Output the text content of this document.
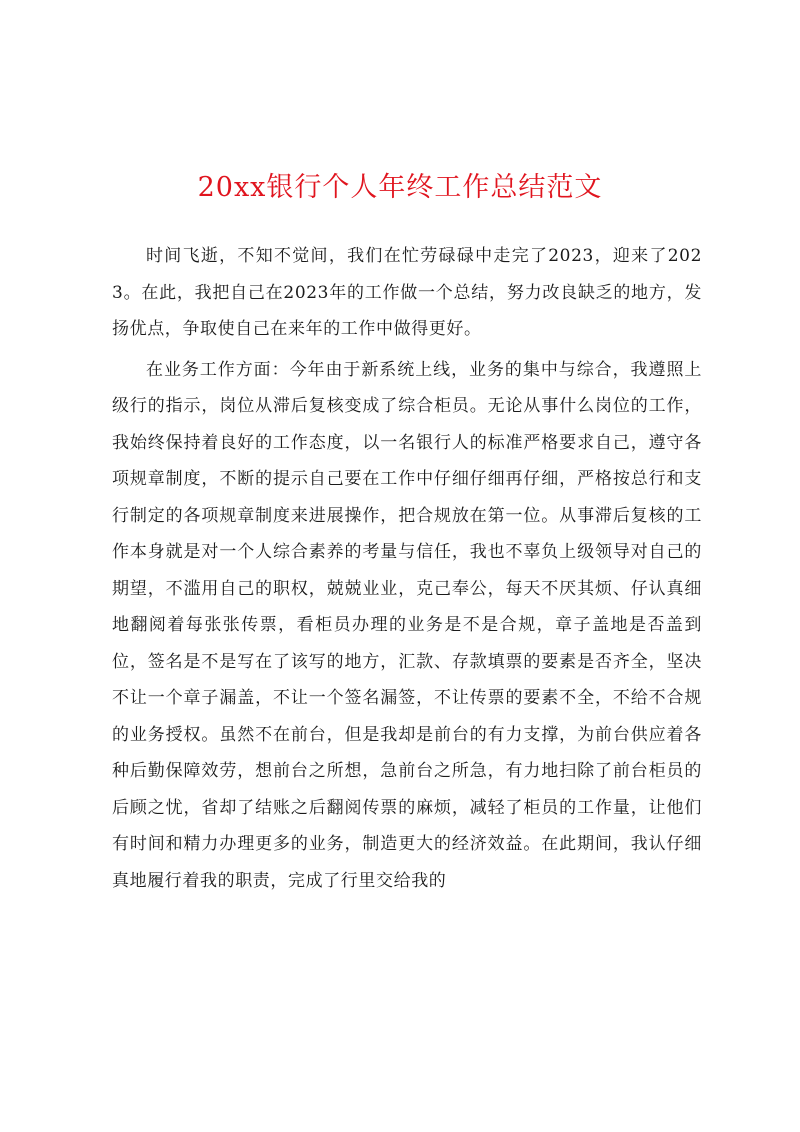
20xx银行个人年终工作总结范文

时间飞逝，不知不觉间，我们在忙劳碌碌中走完了2023，迎来了2023。在此，我把自己在2023年的工作做一个总结，努力改良缺乏的地方，发扬优点，争取使自己在来年的工作中做得更好。

在业务工作方面：今年由于新系统上线，业务的集中与综合，我遵照上级行的指示，岗位从滞后复核变成了综合柜员。无论从事什么岗位的工作，我始终保持着良好的工作态度，以一名银行人的标准严格要求自己，遵守各项规章制度，不断的提示自己要在工作中仔细仔细再仔细，严格按总行和支行制定的各项规章制度来进展操作，把合规放在第一位。从事滞后复核的工作本身就是对一个人综合素养的考量与信任，我也不辜负上级领导对自己的期望，不滥用自己的职权，兢兢业业，克己奉公，每天不厌其烦、仔认真细地翻阅着每张张传票，看柜员办理的业务是不是合规，章子盖地是否盖到位，签名是不是写在了该写的地方，汇款、存款填票的要素是否齐全，坚决不让一个章子漏盖，不让一个签名漏签，不让传票的要素不全，不给不合规的业务授权。虽然不在前台，但是我却是前台的有力支撑，为前台供应着各种后勤保障效劳，想前台之所想，急前台之所急，有力地扫除了前台柜员的后顾之忧，省却了结账之后翻阅传票的麻烦，减轻了柜员的工作量，让他们有时间和精力办理更多的业务，制造更大的经济效益。在此期间，我认仔细真地履行着我的职责，完成了行里交给我的
